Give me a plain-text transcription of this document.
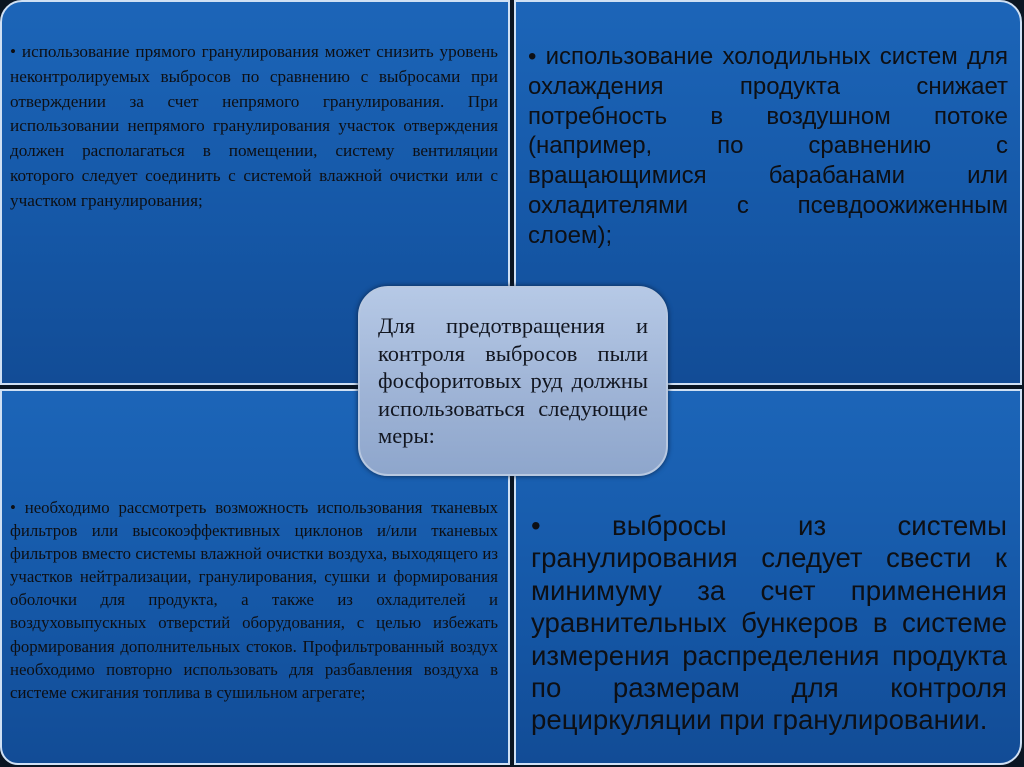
• использование прямого гранулирования может снизить уровень неконтролируемых выбросов по сравнению с выбросами при отверждении за счет непрямого гранулирования. При использовании непрямого гранулирования участок отверждения должен располагаться в помещении, систему вентиляции которого следует соединить с системой влажной очистки или с участком гранулирования;

• использование холодильных систем для охлаждения продукта снижает потребность в воздушном потоке (например, по сравнению с вращающимися барабанами или охладителями с псевдоожиженным слоем);

• необходимо рассмотреть возможность использования тканевых фильтров или высокоэффективных циклонов и/или тканевых фильтров вместо системы влажной очистки воздуха, выходящего из участков нейтрализации, гранулирования, сушки и формирования оболочки для продукта, а также из охладителей и воздуховыпускных отверстий оборудования, с целью избежать формирования дополнительных стоков. Профильтрованный воздух необходимо повторно использовать для разбавления воздуха в системе сжигания топлива в сушильном агрегате;

• выбросы из системы гранулирования следует свести к минимуму за счет применения уравнительных бункеров в системе измерения распределения продукта по размерам для контроля рециркуляции при гранулировании.

Для предотвращения и контроля выбросов пыли фосфоритовых руд должны использоваться следующие меры:
